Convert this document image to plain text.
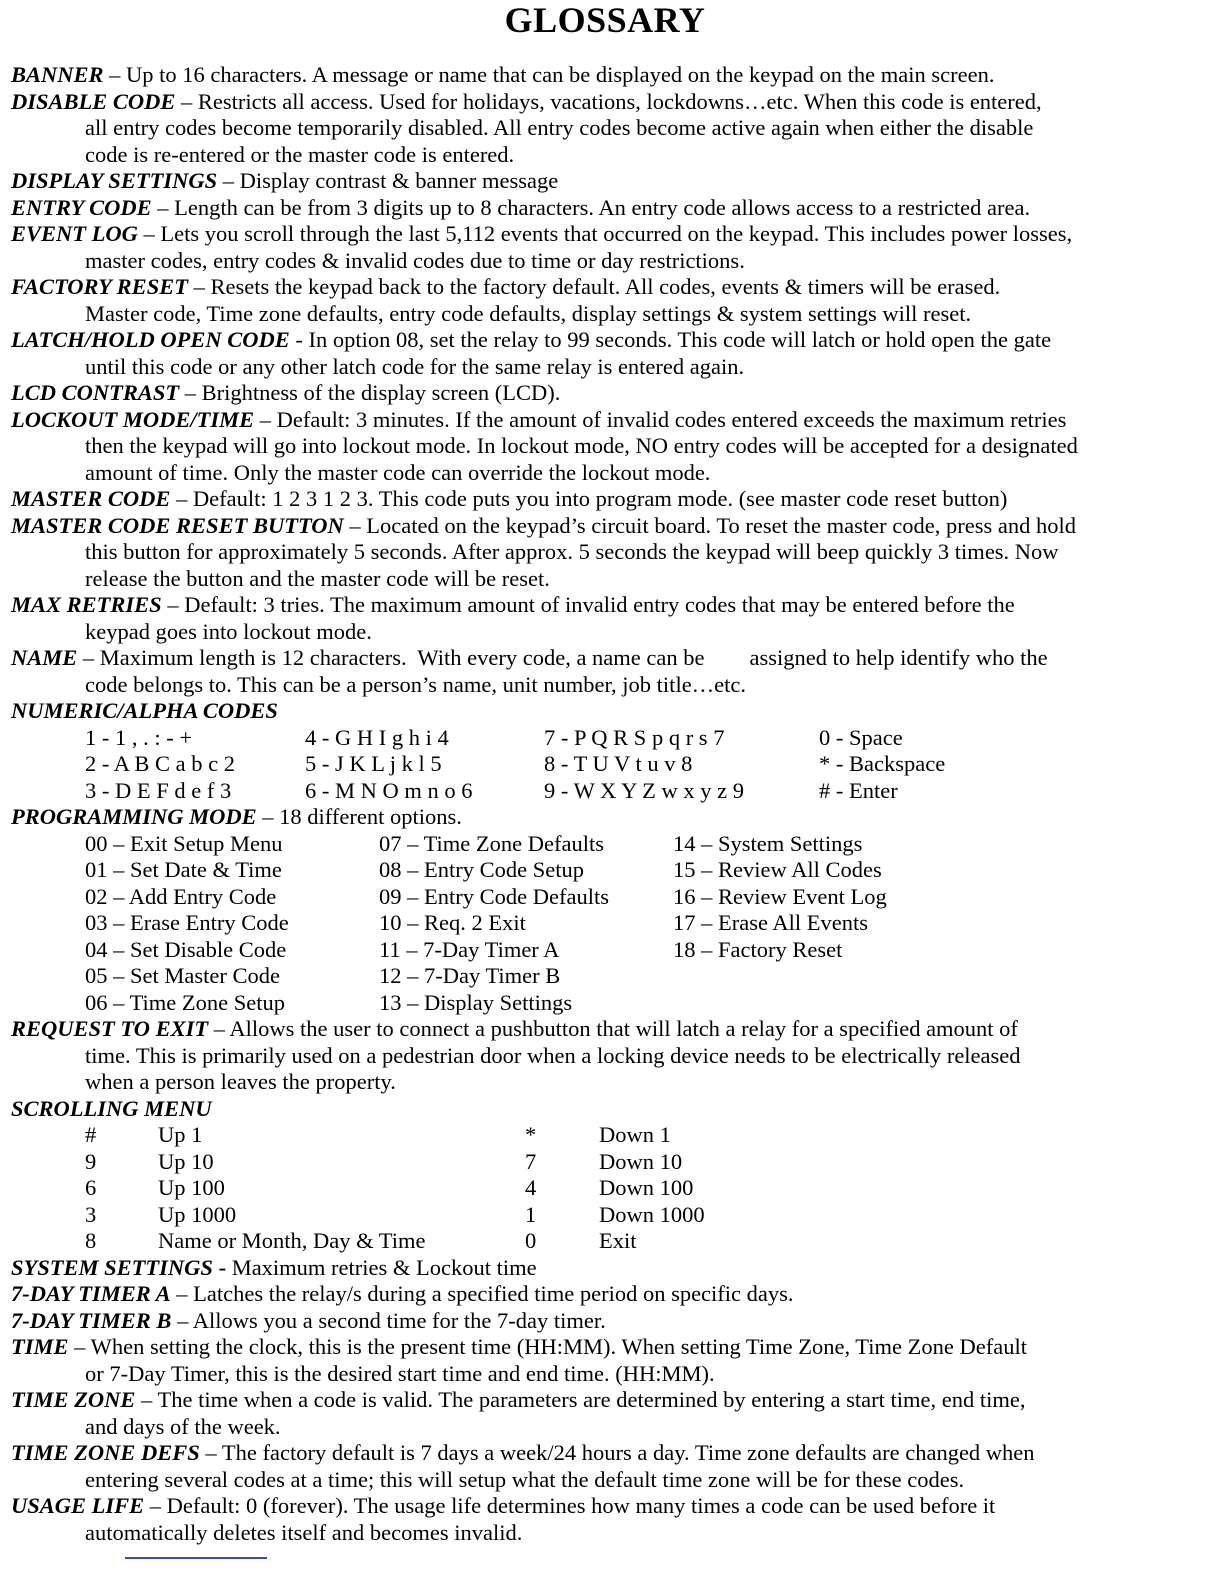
GLOSSARY
BANNER – Up to 16 characters. A message or name that can be displayed on the keypad on the main screen.
DISABLE CODE – Restricts all access. Used for holidays, vacations, lockdowns…etc. When this code is entered,
all entry codes become temporarily disabled. All entry codes become active again when either the disable
code is re-entered or the master code is entered.
DISPLAY SETTINGS – Display contrast & banner message
ENTRY CODE – Length can be from 3 digits up to 8 characters. An entry code allows access to a restricted area.
EVENT LOG – Lets you scroll through the last 5,112 events that occurred on the keypad. This includes power losses,
master codes, entry codes & invalid codes due to time or day restrictions.
FACTORY RESET – Resets the keypad back to the factory default. All codes, events & timers will be erased.
Master code, Time zone defaults, entry code defaults, display settings & system settings will reset.
LATCH/HOLD OPEN CODE - In option 08, set the relay to 99 seconds. This code will latch or hold open the gate
until this code or any other latch code for the same relay is entered again.
LCD CONTRAST – Brightness of the display screen (LCD).
LOCKOUT MODE/TIME – Default: 3 minutes. If the amount of invalid codes entered exceeds the maximum retries
then the keypad will go into lockout mode. In lockout mode, NO entry codes will be accepted for a designated
amount of time. Only the master code can override the lockout mode.
MASTER CODE – Default: 1 2 3 1 2 3. This code puts you into program mode. (see master code reset button)
MASTER CODE RESET BUTTON – Located on the keypad’s circuit board. To reset the master code, press and hold
this button for approximately 5 seconds. After approx. 5 seconds the keypad will beep quickly 3 times. Now
release the button and the master code will be reset.
MAX RETRIES – Default: 3 tries. The maximum amount of invalid entry codes that may be entered before the
keypad goes into lockout mode.
NAME – Maximum length is 12 characters.  With every code, a name can be        assigned to help identify who the
code belongs to. This can be a person’s name, unit number, job title…etc.
NUMERIC/ALPHA CODES
1 - 1 , . : - +	4 - G H I g h i 4	7 - P Q R S p q r s 7	0 - Space
2 - A B C a b c 2	5 - J K L j k l 5	8 - T U V t u v 8	* - Backspace
3 - D E F d e f 3	6 - M N O m n o 6	9 - W X Y Z w x y z 9	# - Enter
PROGRAMMING MODE – 18 different options.
00 – Exit Setup Menu	07 – Time Zone Defaults	14 – System Settings
01 – Set Date & Time	08 – Entry Code Setup	15 – Review All Codes
02 – Add Entry Code	09 – Entry Code Defaults	16 – Review Event Log
03 – Erase Entry Code	10 – Req. 2 Exit	17 – Erase All Events
04 – Set Disable Code	11 – 7-Day Timer A	18 – Factory Reset
05 – Set Master Code	12 – 7-Day Timer B
06 – Time Zone Setup	13 – Display Settings
REQUEST TO EXIT – Allows the user to connect a pushbutton that will latch a relay for a specified amount of
time. This is primarily used on a pedestrian door when a locking device needs to be electrically released
when a person leaves the property.
SCROLLING MENU
#	Up 1	*	Down 1
9	Up 10	7	Down 10
6	Up 100	4	Down 100
3	Up 1000	1	Down 1000
8	Name or Month, Day & Time	0	Exit
SYSTEM SETTINGS - Maximum retries & Lockout time
7-DAY TIMER A – Latches the relay/s during a specified time period on specific days.
7-DAY TIMER B – Allows you a second time for the 7-day timer.
TIME – When setting the clock, this is the present time (HH:MM). When setting Time Zone, Time Zone Default
or 7-Day Timer, this is the desired start time and end time. (HH:MM).
TIME ZONE – The time when a code is valid. The parameters are determined by entering a start time, end time,
and days of the week.
TIME ZONE DEFS – The factory default is 7 days a week/24 hours a day. Time zone defaults are changed when
entering several codes at a time; this will setup what the default time zone will be for these codes.
USAGE LIFE – Default: 0 (forever). The usage life determines how many times a code can be used before it
automatically deletes itself and becomes invalid.
